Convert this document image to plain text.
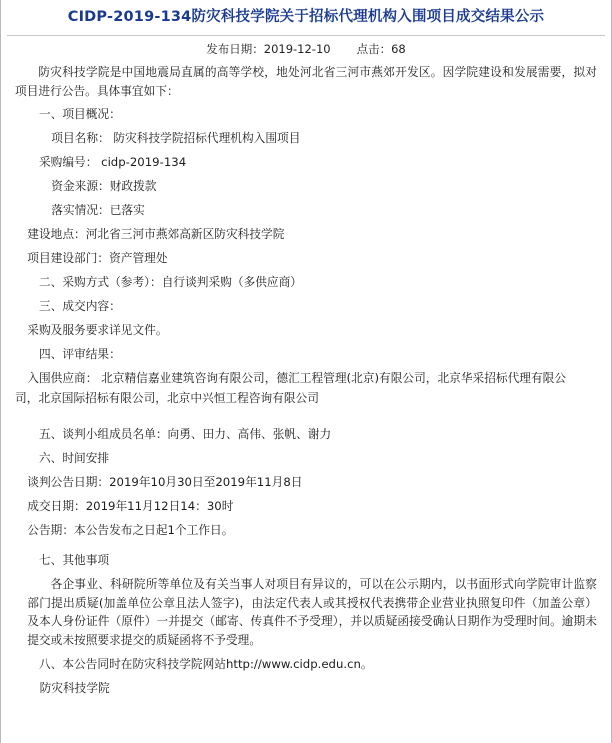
CIDP-2019-134防灾科技学院关于招标代理机构入围项目成交结果公示
发布日期：2019-12-10 点击：68
防灾科技学院是中国地震局直属的高等学校，地处河北省三河市燕郊开发区。因学院建设和发展需要，拟对项目进行公告。具体事宜如下：
一、项目概况：
项目名称： 防灾科技学院招标代理机构入围项目
采购编号： cidp-2019-134
资金来源：财政拨款
落实情况：已落实
建设地点：河北省三河市燕郊高新区防灾科技学院
项目建设部门：资产管理处
二、采购方式（参考）：自行谈判采购（多供应商）
三、成交内容：
采购及服务要求详见文件。
四、评审结果：
入围供应商： 北京精信嘉业建筑咨询有限公司，德汇工程管理(北京)有限公司，北京华采招标代理有限公
司，北京国际招标有限公司，北京中兴恒工程咨询有限公司
五、谈判小组成员名单：向勇、田力、高伟、张帆、谢力
六、时间安排
谈判公告日期：2019年10月30日至2019年11月8日
成交日期：2019年11月12日14：30时
公告期：本公告发布之日起1个工作日。
七、其他事项
各企事业、科研院所等单位及有关当事人对项目有异议的，可以在公示期内，以书面形式向学院审计监察部门提出质疑(加盖单位公章且法人签字)，由法定代表人或其授权代表携带企业营业执照复印件（加盖公章）及本人身份证件（原件）一并提交（邮寄、传真件不予受理），并以质疑函接受确认日期作为受理时间。逾期未提交或未按照要求提交的质疑函将不予受理。
八、本公告同时在防灾科技学院网站http://www.cidp.edu.cn。
防灾科技学院
